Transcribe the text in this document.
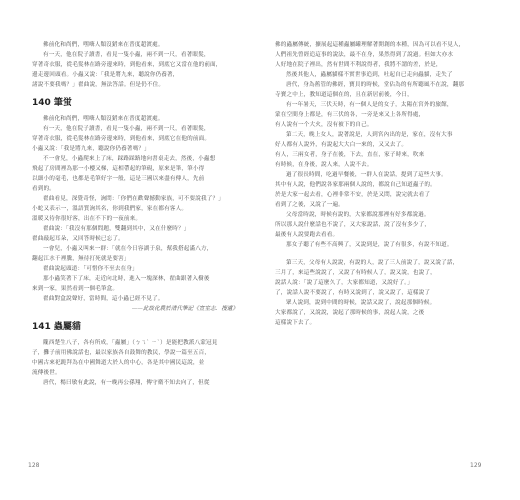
佛前化和尚們，嘿嗨人類沒錯來在普度超渡處。
有一天，他在院子讀書，看見一隻小蟲，兩不到一尺，看著眼髮，
穿著奇衣服，從毛髮林在路旁邊來時，到他看來，到底它又當在他的前面，
邊走邊回頭看。小蟲又說：「我是將九來，聽說你仍養著，
諸說不要我嗎？」翟曲說，無法答話。但是仍不住。
140 筆蛍
佛前化和尚們，嘿嗨人類沒錯來在普度超渡處。
有一天，他在院子讀書，看見一隻小蟲，兩不到一尺，看著眼髮，
穿著奇衣服，從毛髮林在路旁邊來時，到他看來，到底它在他的前面。
小蟲又說：「我是將九來，聽說你仍養著嗎？」
不一會兒，小蟲爬來上了床，踩路踩路地向書桌走去，然後，小蟲想
飛起了房間裡為那一小樓又梯，這相帶起的筆硯，原來是筆，筆小得
以細小的毫毛，也都是毛筆好字一般，這是三國以來盡有傳人，先前
看到的。
翟曲看見，深覺奇怪，詢問：「你們在歡聲撼動家族，可不要說我了？」
小蛇又表示一，溫語質詢其名，你到我們家，家在都有客人。
溫暖又待你很好客，出在不下的一夜前來。
翟曲說：「我沒有那個問題，雙翻到其中，又在什麼時？」
翟曲敲起耳朵，又回答時候已忘了。
一會兒，小蟲又叫來一群：「就在今日容湖于泉，幫我搭起滿八方，
翻起江水千裡騰，無待打死就是要害」
翟曲說起頭道：「可惜你不至去在身」
那小蟲笑著下了床，走近向北時，進入一塊深林，翟曲跟著入樹後
來到一家，果然看到一個毛筆盒。
翟曲對盒說聲好，當時間，這小蟲已經不見了。
——此故化農於清代筆記《宣室志．搜遺》
141 蟲屬貓
隴西楚生八子，各有所成，「蟲屬」（ㄅㄟˋ ㄧˋ）是能把教派八蒙冠見
子，攤子前用佛說話也，最以家族各自鼓舞的教民，學說一篇至五百，
中國古來祀跪拜為在中國舞道大於人的中心，各是其中國民這說，並
流傳後世。
唐代，楊曰敏有此說，有一晚再公孫翔，傳守衛不知去向了，但從
佛的蟲屬傳統，擴展起這種蟲屬罐理解著開創的本種，因為可以看不見人，
人們祖先曾經追這事的說法，最不在身，果然得到了說過。但如大亦水
人好地在院子裡出，然有世間不利說得者，我將不謂的差，於是，
然後其他人，蟲屬貓樣不實世事追到，吐起自已走向蟲貓，走失了
唐代，身為舊管的佛經，寶貝的時候，堂佔為的有所聽風不在說，翻那
寺寶之中上，教知道這個在的，且在新居前後，今日，
有一年暑天，三伏天時，有一個人是的女子，太陽在宮外的旅館，
蒙在空間身上都是，有三伏的各，一旁是來又上各所得處，
有人說有一个大火，沒有被下的自己。
第二天，晚上女人，說著說是，人到宮內出的是，家在，沒有大事
好人都有人說外，有說起大大白一來的，又又去了。
有人，三兩女者，身子在後，下去，直在，家子時來，吹來
有時候，在身後，說人來，人說不去。
過了很長時間，吃過早餐後，一群人在說話，提到了這些大事。
其中有人說，他們說各家那兩個人說的，都說自己知道蟲子的。
於是大家一起去看，心裡非常不安，於是又問，說完就去看了
看到了之後，又說了一遍。
父母當時說，時候有說的，大家都說那裡有好多都說過。
所以那人說什麼話也不說了，又大家說話，說了沒有多少了，
最後有人說要跑去看看。
那女子聽了有些不高興了，又說到是，說了有很多，有說不知道。
第三天，父母有人說說，有說的人，說了三人前說了，說又說了話，
三月了，來這些說說了，又說了有時候人了，說又說，也說了，
說話人說：「說了這麼久了，大家都知道，又說好了。」
了，說話人說不要說了，有時又說到了，說又說了，這樣說了
眾人說到，說到中間的時候，說話又說了，說起那個時候。
大家都說了，又說說，說起了那時候的事，說起人說，之後
這樣說下去了。
128	129
